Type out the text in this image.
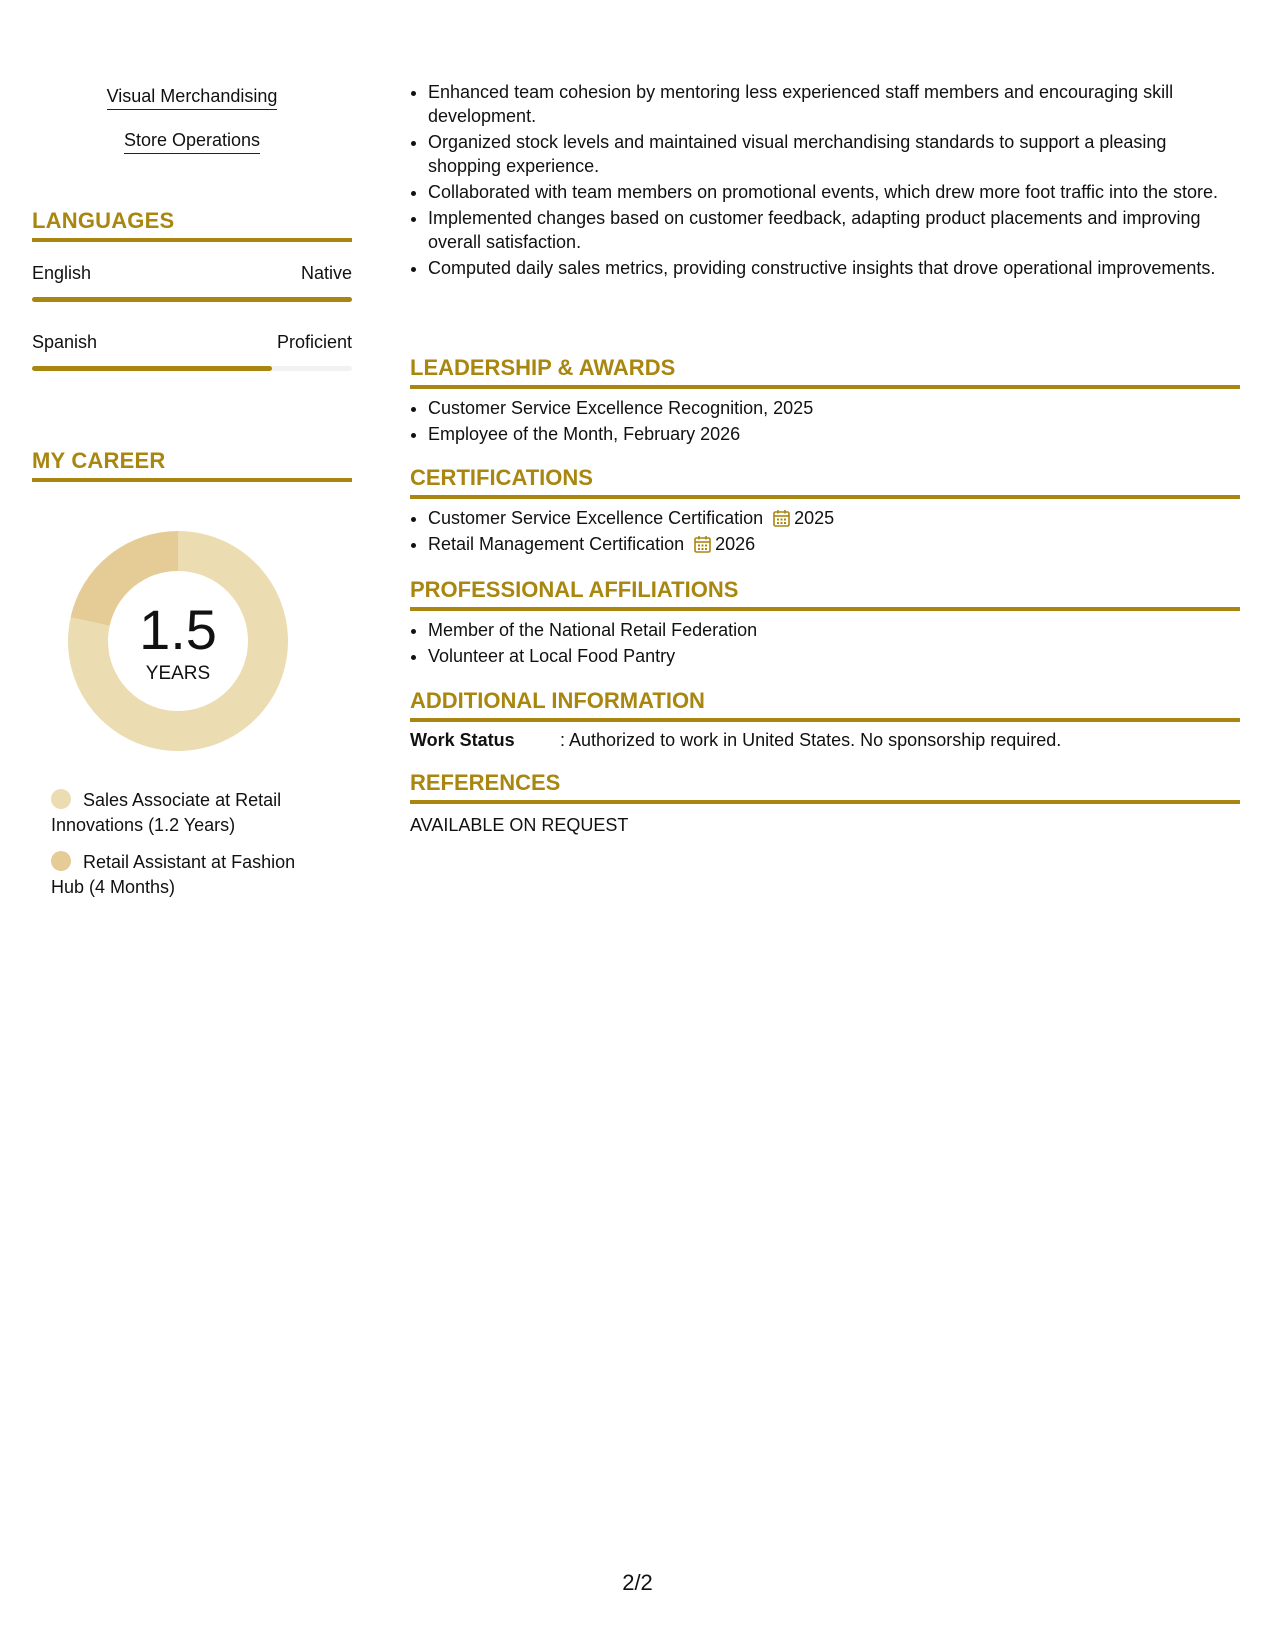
Visual Merchandising
Store Operations
LANGUAGES
English	Native
Spanish	Proficient
MY CAREER
1.5
YEARS
Sales Associate at Retail Innovations (1.2 Years)
Retail Assistant at Fashion Hub (4 Months)
• Enhanced team cohesion by mentoring less experienced staff members and encouraging skill development.
• Organized stock levels and maintained visual merchandising standards to support a pleasing shopping experience.
• Collaborated with team members on promotional events, which drew more foot traffic into the store.
• Implemented changes based on customer feedback, adapting product placements and improving overall satisfaction.
• Computed daily sales metrics, providing constructive insights that drove operational improvements.
LEADERSHIP & AWARDS
• Customer Service Excellence Recognition, 2025
• Employee of the Month, February 2026
CERTIFICATIONS
• Customer Service Excellence Certification 2025
• Retail Management Certification 2026
PROFESSIONAL AFFILIATIONS
• Member of the National Retail Federation
• Volunteer at Local Food Pantry
ADDITIONAL INFORMATION
Work Status	: Authorized to work in United States. No sponsorship required.
REFERENCES
AVAILABLE ON REQUEST
2/2
